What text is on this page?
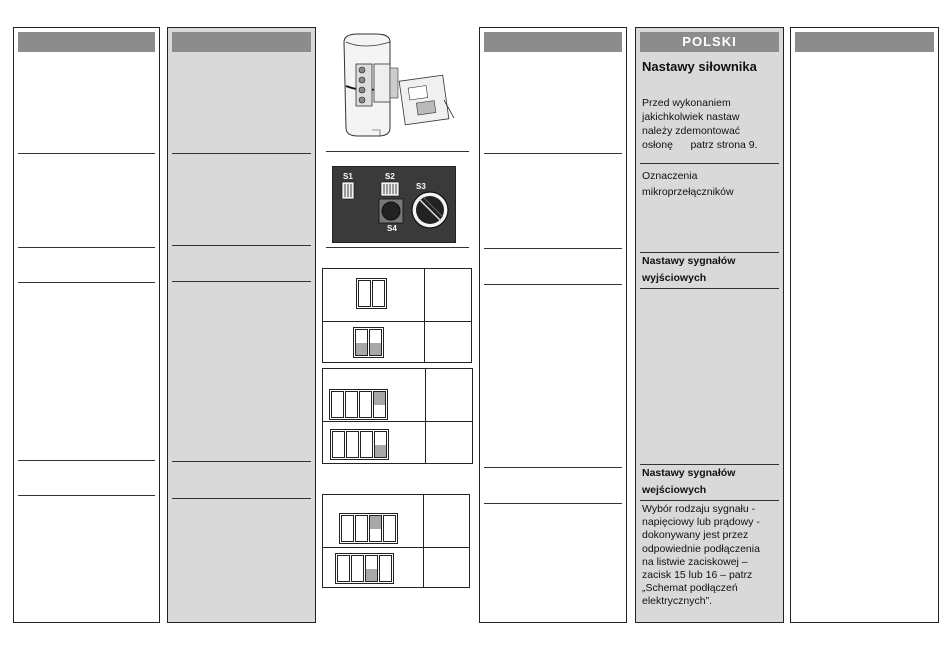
S1	S2
S3
S4
POLSKI
Nastawy siłownika
Przed wykonaniem
jakichkolwiek nastaw
należy zdemontować
osłonę      patrz strona 9.
Oznaczenia
mikroprzełączników
Nastawy sygnałów
wyjściowych
Nastawy sygnałów
wejściowych
Wybór rodzaju sygnału -
napięciowy lub prądowy -
dokonywany jest przez
odpowiednie podłączenia
na listwie zaciskowej –
zacisk 15 lub 16 – patrz
„Schemat podłączeń
elektrycznych”.
